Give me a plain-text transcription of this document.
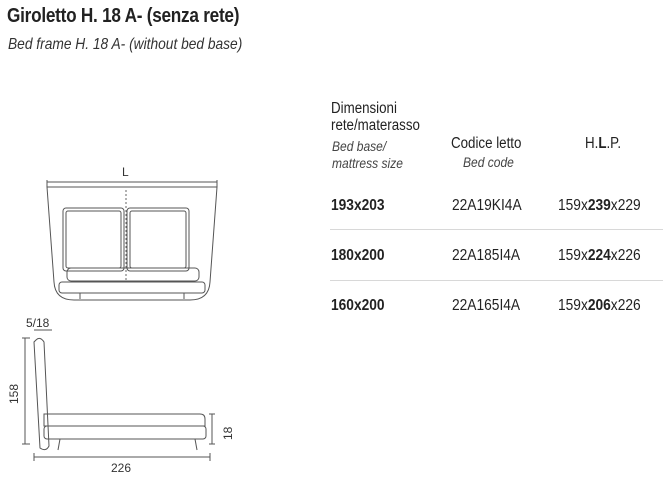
Giroletto H. 18 A- (senza rete)
Bed frame H. 18 A- (without bed base)
Dimensioni
rete/materasso
Bed base/
mattress size
Codice letto
Bed code
H.L.P.
193x203	22A19KI4A 159x239x229
180x200	22A185I4A 159x224x226
160x200	22A165I4A 159x206x226
L
5/18
158
18
226
